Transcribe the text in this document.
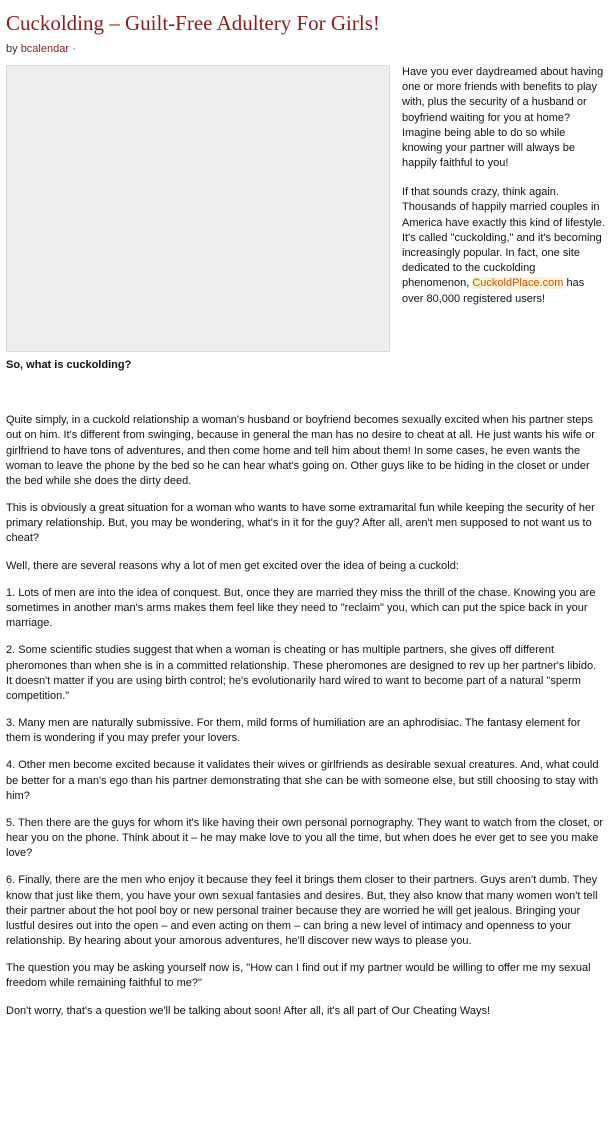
Cuckolding – Guilt-Free Adultery For Girls!
by bcalendar ·

Have you ever daydreamed about having one or more friends with benefits to play with, plus the security of a husband or boyfriend waiting for you at home? Imagine being able to do so while knowing your partner will always be happily faithful to you!

If that sounds crazy, think again. Thousands of happily married couples in America have exactly this kind of lifestyle. It's called "cuckolding," and it's becoming increasingly popular. In fact, one site dedicated to the cuckolding phenomenon, CuckoldPlace.com has over 80,000 registered users!

So, what is cuckolding?

Quite simply, in a cuckold relationship a woman's husband or boyfriend becomes sexually excited when his partner steps out on him. It's different from swinging, because in general the man has no desire to cheat at all. He just wants his wife or girlfriend to have tons of adventures, and then come home and tell him about them! In some cases, he even wants the woman to leave the phone by the bed so he can hear what's going on. Other guys like to be hiding in the closet or under the bed while she does the dirty deed.

This is obviously a great situation for a woman who wants to have some extramarital fun while keeping the security of her primary relationship. But, you may be wondering, what's in it for the guy? After all, aren't men supposed to not want us to cheat?

Well, there are several reasons why a lot of men get excited over the idea of being a cuckold:

1. Lots of men are into the idea of conquest. But, once they are married they miss the thrill of the chase. Knowing you are sometimes in another man's arms makes them feel like they need to "reclaim" you, which can put the spice back in your marriage.

2. Some scientific studies suggest that when a woman is cheating or has multiple partners, she gives off different pheromones than when she is in a committed relationship. These pheromones are designed to rev up her partner's libido. It doesn't matter if you are using birth control; he's evolutionarily hard wired to want to become part of a natural "sperm competition."

3. Many men are naturally submissive. For them, mild forms of humiliation are an aphrodisiac. The fantasy element for them is wondering if you may prefer your lovers.

4. Other men become excited because it validates their wives or girlfriends as desirable sexual creatures. And, what could be better for a man's ego than his partner demonstrating that she can be with someone else, but still choosing to stay with him?

5. Then there are the guys for whom it's like having their own personal pornography. They want to watch from the closet, or hear you on the phone. Think about it – he may make love to you all the time, but when does he ever get to see you make love?

6. Finally, there are the men who enjoy it because they feel it brings them closer to their partners. Guys aren't dumb. They know that just like them, you have your own sexual fantasies and desires. But, they also know that many women won't tell their partner about the hot pool boy or new personal trainer because they are worried he will get jealous. Bringing your lustful desires out into the open – and even acting on them – can bring a new level of intimacy and openness to your relationship. By hearing about your amorous adventures, he'll discover new ways to please you.

The question you may be asking yourself now is, "How can I find out if my partner would be willing to offer me my sexual freedom while remaining faithful to me?"

Don't worry, that's a question we'll be talking about soon! After all, it's all part of Our Cheating Ways!
